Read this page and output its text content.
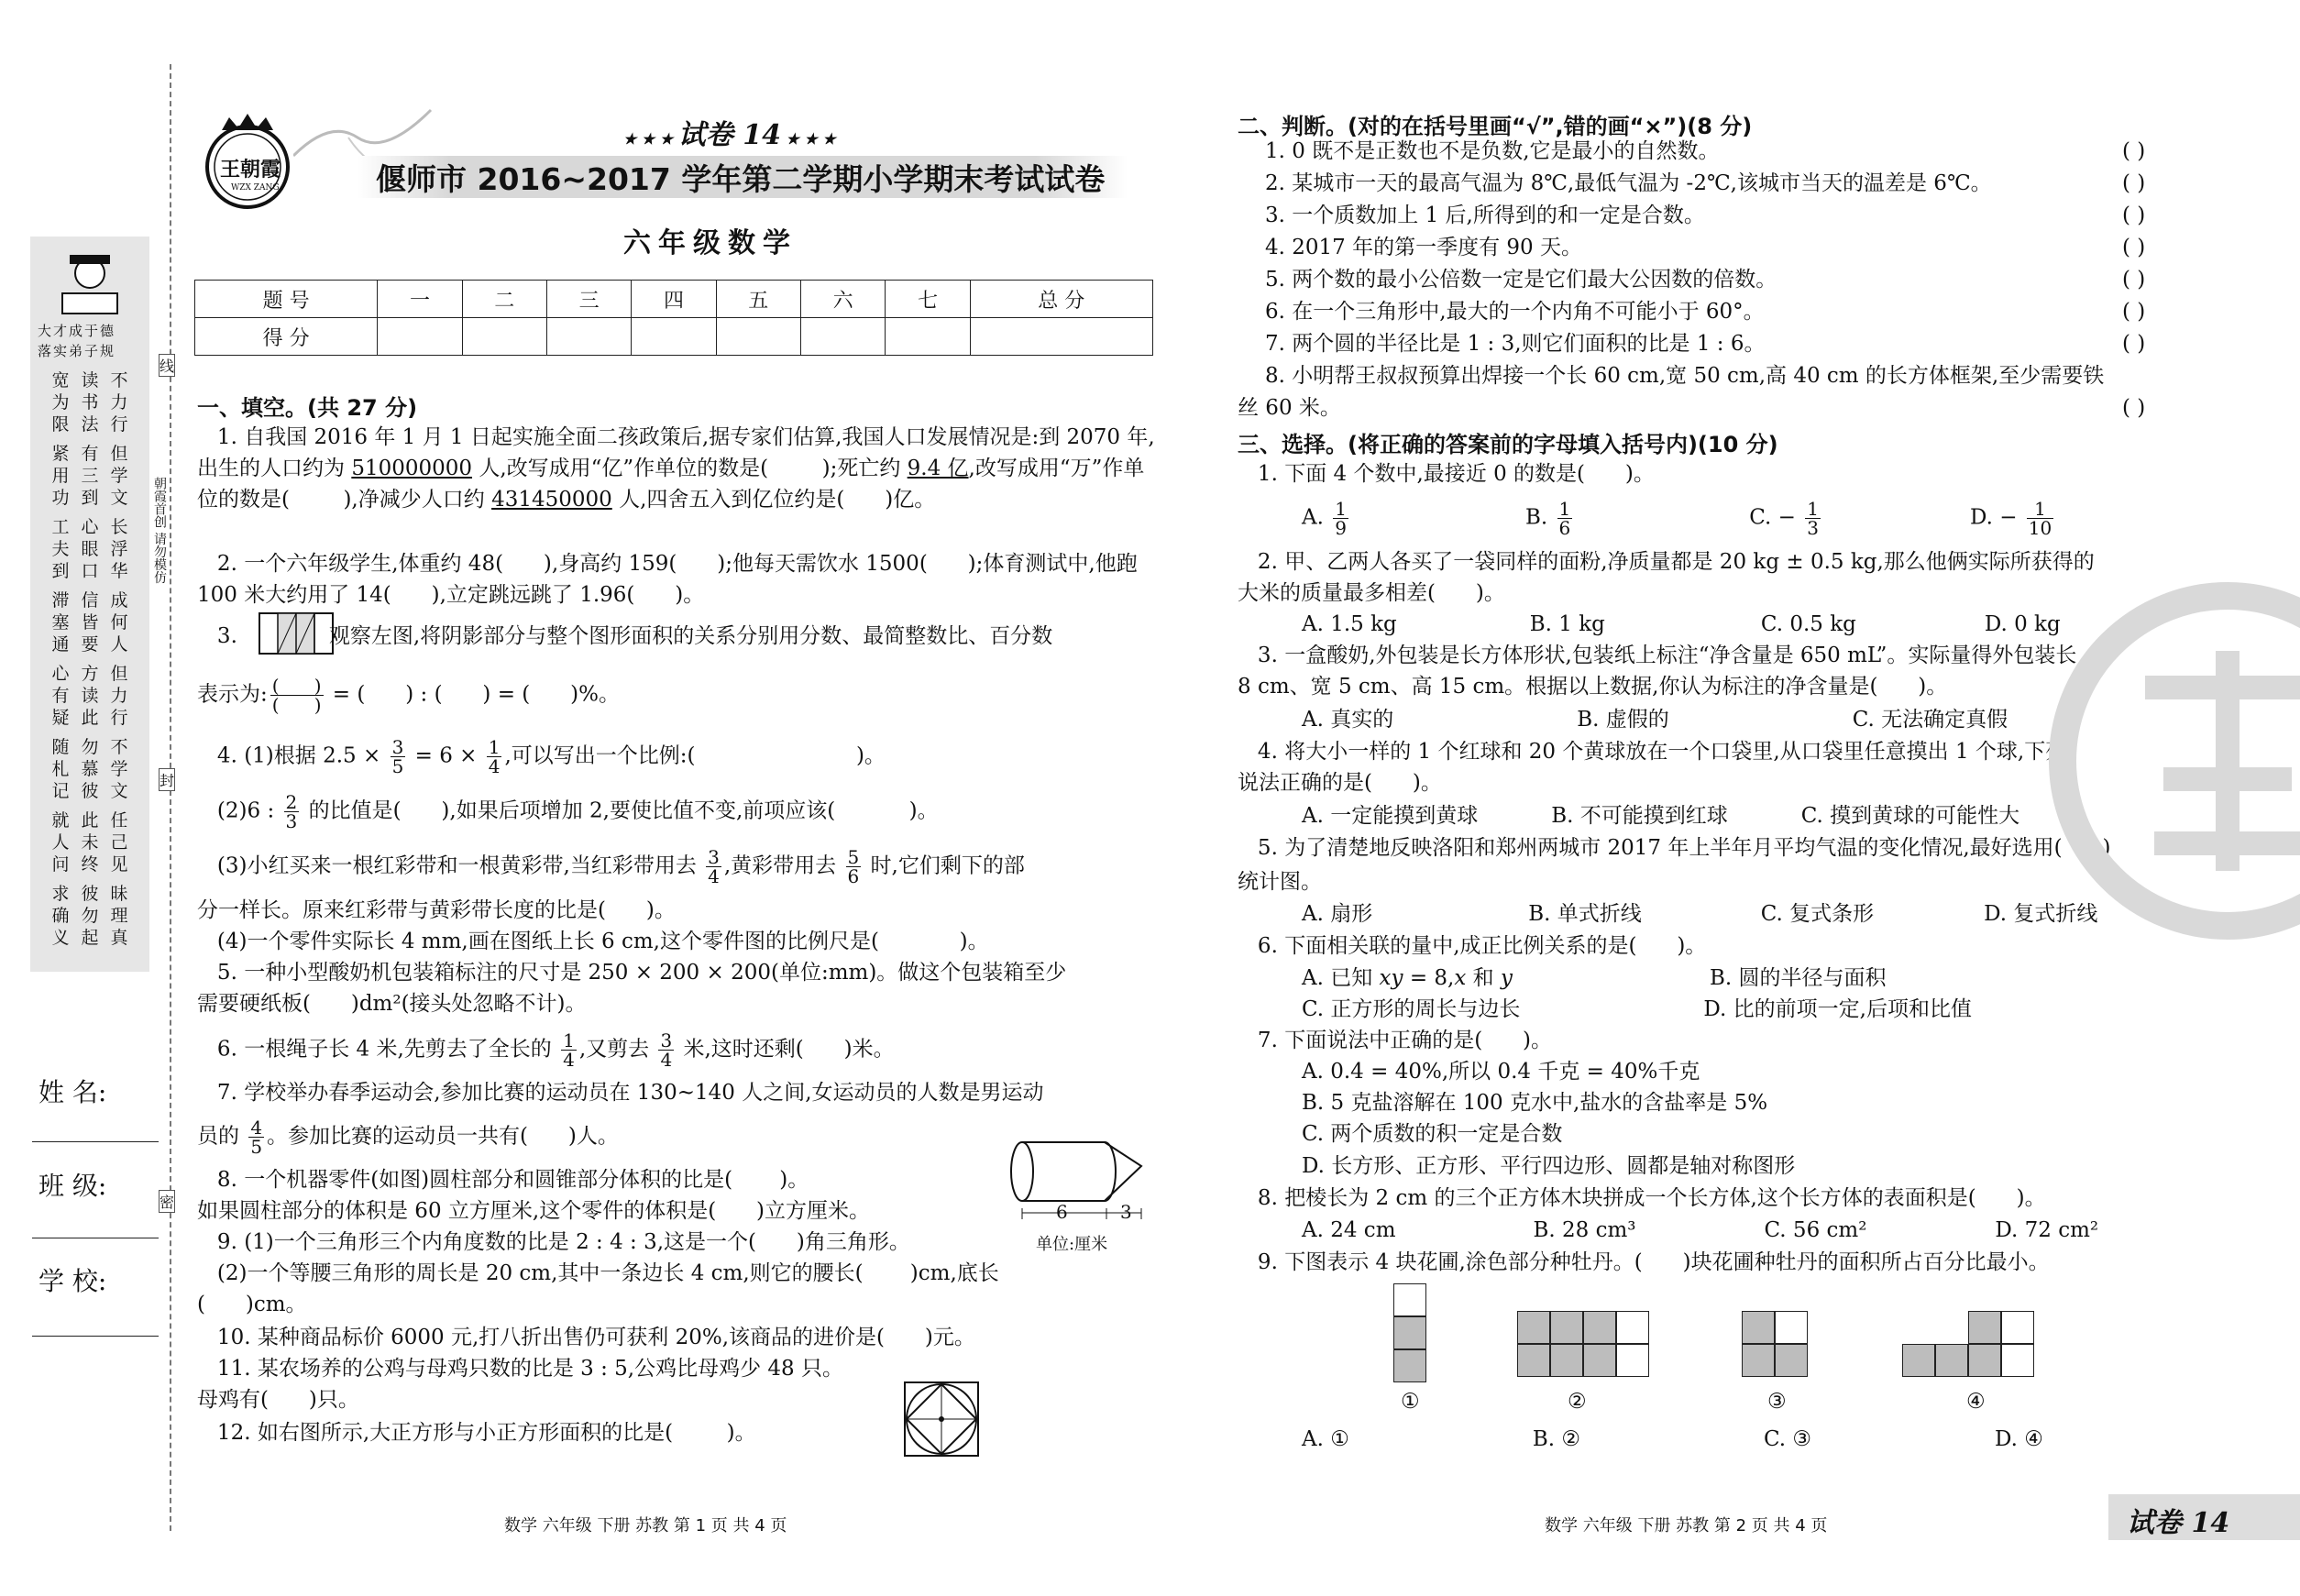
王朝霞
WZX ZANG
★ ★ ★ 试卷 14 ★ ★ ★
偃师市 2016~2017 学年第二学期小学期末考试试卷
六年级数学
题 号	一	二	三	四	五	六	七	总 分
得 分								
大才成于德
落实弟子规
宽为限
读书法
不力行
紧用功
有三到
但学文
工夫到
心眼口
长浮华
滞塞通
信皆要
成何人
心有疑
方读此
但力行
随札记
勿慕彼
不学文
就人问
此未终
任己见
求确义
彼勿起
昧理真
朝霞首创 请勿模仿
线
封
密
姓 名:
班 级:
学 校:
一、填空。(共 27 分)
1. 自我国 2016 年 1 月 1 日起实施全面二孩政策后,据专家们估算,我国人口发展情况是:到 2070 年,出生的人口约为 510000000 人,改写成用“亿”作单位的数是(        );死亡约 9.4 亿,改写成用“万”作单位的数是(        ),净减少人口约 431450000 人,四舍五入到亿位约是(      )亿。
2. 一个六年级学生,体重约 48(      ),身高约 159(      );他每天需饮水 1500(      );体育测试中,他跑 100 米大约用了 14(      ),立定跳远跳了 1.96(      )。
3.	观察左图,将阴影部分与整个图形面积的关系分别用分数、最简整数比、百分数
表示为: $\frac{( )}{( )}$ = (      ) : (      ) = (      )%。
4. (1)根据 $2.5 \times \frac{3}{5} = 6 \times \frac{1}{4}$ ,可以写出一个比例:(                        )。
(2)6 : $\frac{2}{3}$ 的比值是(      ),如果后项增加 2,要使比值不变,前项应该(           )。
(3)小红买来一根红彩带和一根黄彩带,当红彩带用去 $\frac{3}{4}$ ,黄彩带用去 $\frac{5}{6}$ 时,它们剩下的部
分一样长。原来红彩带与黄彩带长度的比是(      )。
(4)一个零件实际长 4 mm,画在图纸上长 6 cm,这个零件图的比例尺是(            )。
5. 一种小型酸奶机包装箱标注的尺寸是 250 × 200 × 200(单位:mm)。做这个包装箱至少
需要硬纸板(      )dm²(接头处忽略不计)。
6. 一根绳子长 4 米,先剪去了全长的 $\frac{1}{4}$ ,又剪去 $\frac{3}{4}$ 米,这时还剩(      )米。
7. 学校举办春季运动会,参加比赛的运动员在 130~140 人之间,女运动员的人数是男运动
员的 $\frac{4}{5}$ 。参加比赛的运动员一共有(      )人。
6	3
单位:厘米
8. 一个机器零件(如图)圆柱部分和圆锥部分体积的比是(       )。
如果圆柱部分的体积是 60 立方厘米,这个零件的体积是(      )立方厘米。
9. (1)一个三角形三个内角度数的比是 2 : 4 : 3,这是一个(      )角三角形。
(2)一个等腰三角形的周长是 20 cm,其中一条边长 4 cm,则它的腰长(       )cm,底长
(      )cm。
10. 某种商品标价 6000 元,打八折出售仍可获利 20%,该商品的进价是(      )元。
11. 某农场养的公鸡与母鸡只数的比是 3 : 5,公鸡比母鸡少 48 只。
母鸡有(      )只。
12. 如右图所示,大正方形与小正方形面积的比是(        )。
数学 六年级 下册 苏教 第 1 页 共 4 页
二、判断。(对的在括号里画“√”,错的画“×”)(8 分)
1. 0 既不是正数也不是负数,它是最小的自然数。	( )
2. 某城市一天的最高气温为 8℃,最低气温为 -2℃,该城市当天的温差是 6℃。	( )
3. 一个质数加上 1 后,所得到的和一定是合数。	( )
4. 2017 年的第一季度有 90 天。	( )
5. 两个数的最小公倍数一定是它们最大公因数的倍数。	( )
6. 在一个三角形中,最大的一个内角不可能小于 60°。	( )
7. 两个圆的半径比是 1 : 3,则它们面积的比是 1 : 6。	( )
8. 小明帮王叔叔预算出焊接一个长 60 cm,宽 50 cm,高 40 cm 的长方体框架,至少需要铁
丝 60 米。	( )
三、选择。(将正确的答案前的字母填入括号内)(10 分)
1. 下面 4 个数中,最接近 0 的数是(      )。
A. $\frac{1}{9}$	B. $\frac{1}{6}$	C. − $\frac{1}{3}$	D. − $\frac{1}{10}$
2. 甲、乙两人各买了一袋同样的面粉,净质量都是 20 kg ± 0.5 kg,那么他俩实际所获得的
大米的质量最多相差(      )。
A. 1.5 kg	B. 1 kg	C. 0.5 kg	D. 0 kg
3. 一盒酸奶,外包装是长方体形状,包装纸上标注“净含量是 650 mL”。实际量得外包装长
8 cm、宽 5 cm、高 15 cm。根据以上数据,你认为标注的净含量是(      )。
A. 真实的	B. 虚假的	C. 无法确定真假
4. 将大小一样的 1 个红球和 20 个黄球放在一个口袋里,从口袋里任意摸出 1 个球,下列
说法正确的是(      )。
A. 一定能摸到黄球	B. 不可能摸到红球	C. 摸到黄球的可能性大
5. 为了清楚地反映洛阳和郑州两城市 2017 年上半年月平均气温的变化情况,最好选用(      )
统计图。
A. 扇形	B. 单式折线	C. 复式条形	D. 复式折线
6. 下面相关联的量中,成正比例关系的是(      )。
A. 已知 xy = 8,x 和 y	B. 圆的半径与面积
C. 正方形的周长与边长	D. 比的前项一定,后项和比值
7. 下面说法中正确的是(      )。
A. 0.4 = 40%,所以 0.4 千克 = 40%千克
B. 5 克盐溶解在 100 克水中,盐水的含盐率是 5%
C. 两个质数的积一定是合数
D. 长方形、正方形、平行四边形、圆都是轴对称图形
8. 把棱长为 2 cm 的三个正方体木块拼成一个长方体,这个长方体的表面积是(      )。
A. 24 cm	B. 28 cm³	C. 56 cm²	D. 72 cm²
9. 下图表示 4 块花圃,涂色部分种牡丹。(      )块花圃种牡丹的面积所占百分比最小。
①	②	③	④
A. ①	B. ②	C. ③	D. ④
数学 六年级 下册 苏教 第 2 页 共 4 页	试卷 14
